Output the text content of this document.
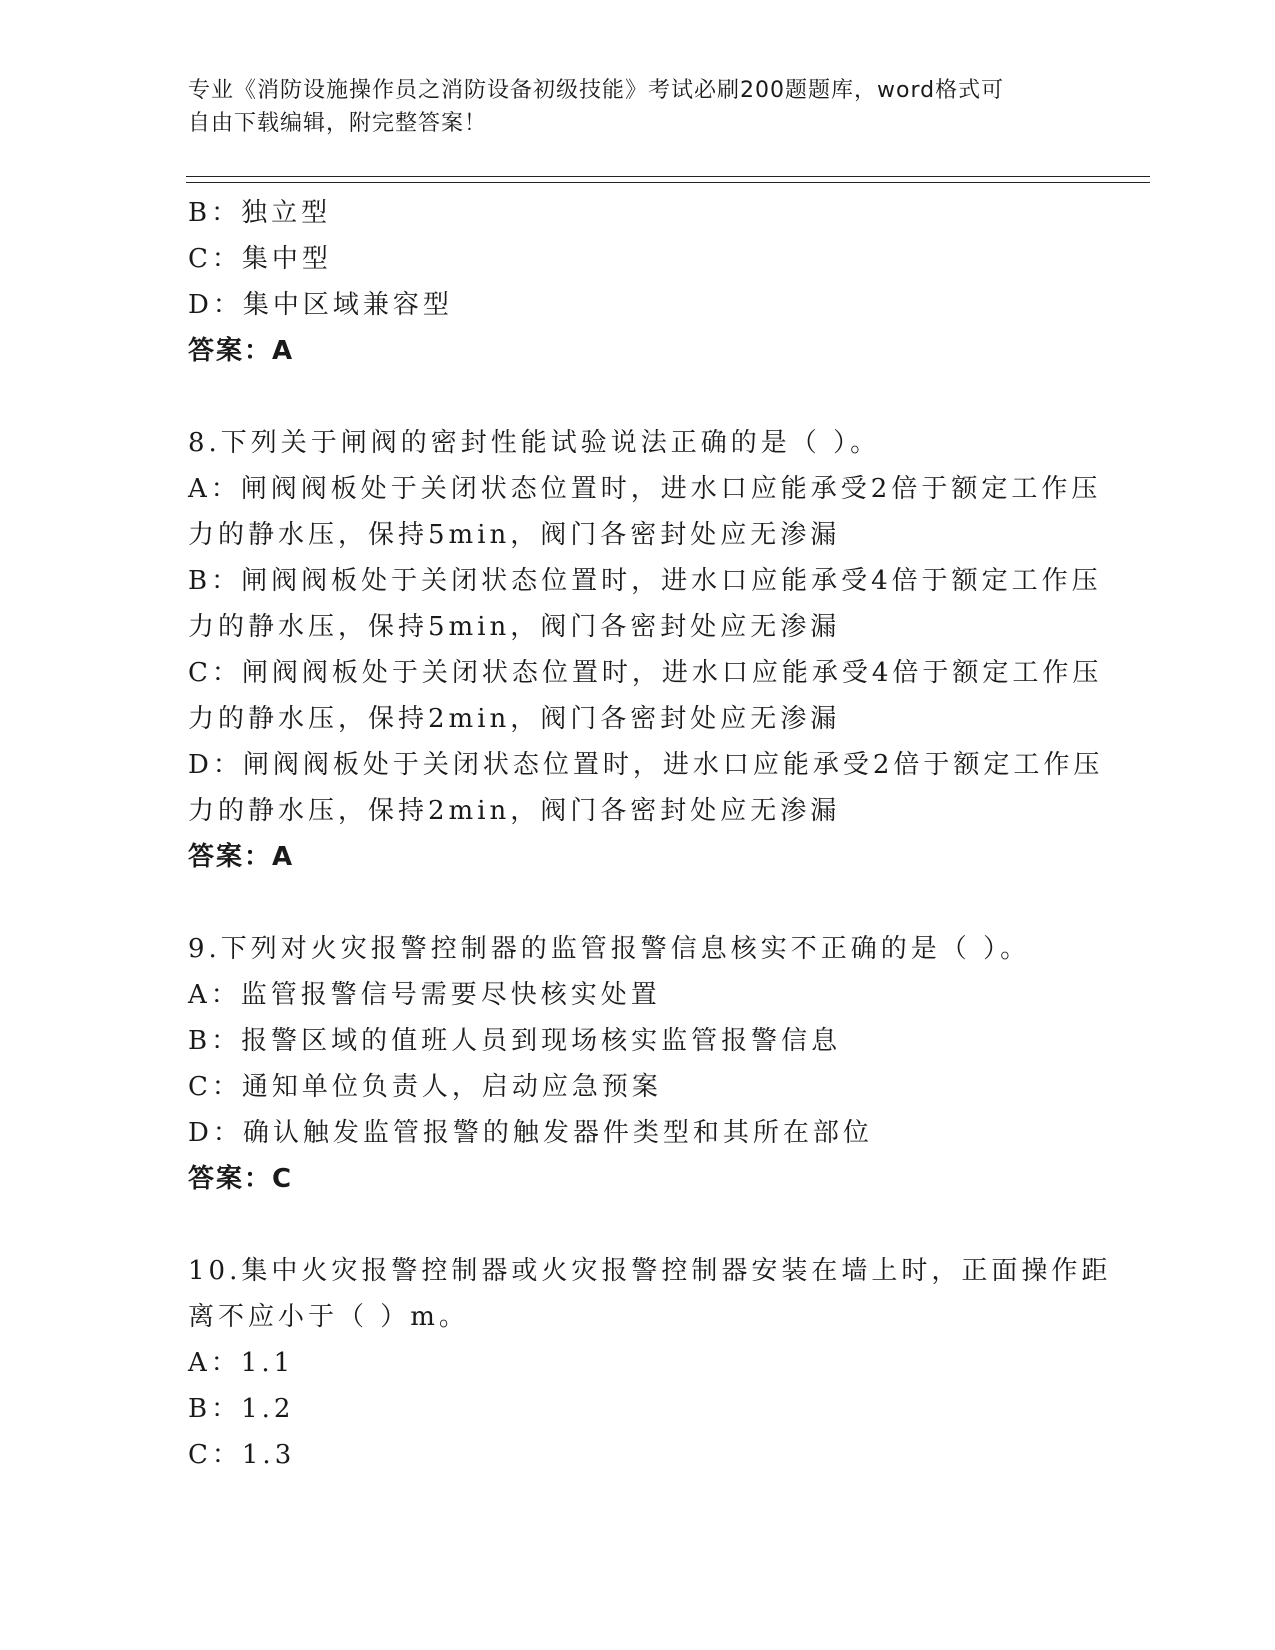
专业《消防设施操作员之消防设备初级技能》考试必刷200题题库，word格式可
自由下载编辑，附完整答案！
B：独立型
C：集中型
D：集中区域兼容型
答案：A
8.下列关于闸阀的密封性能试验说法正确的是（ ）。
A：闸阀阀板处于关闭状态位置时，进水口应能承受2倍于额定工作压
力的静水压，保持5min，阀门各密封处应无渗漏
B：闸阀阀板处于关闭状态位置时，进水口应能承受4倍于额定工作压
力的静水压，保持5min，阀门各密封处应无渗漏
C：闸阀阀板处于关闭状态位置时，进水口应能承受4倍于额定工作压
力的静水压，保持2min，阀门各密封处应无渗漏
D：闸阀阀板处于关闭状态位置时，进水口应能承受2倍于额定工作压
力的静水压，保持2min，阀门各密封处应无渗漏
答案：A
9.下列对火灾报警控制器的监管报警信息核实不正确的是（ ）。
A：监管报警信号需要尽快核实处置
B：报警区域的值班人员到现场核实监管报警信息
C：通知单位负责人，启动应急预案
D：确认触发监管报警的触发器件类型和其所在部位
答案：C
10.集中火灾报警控制器或火灾报警控制器安装在墙上时，正面操作距
离不应小于（ ）m。
A：1.1
B：1.2
C：1.3
